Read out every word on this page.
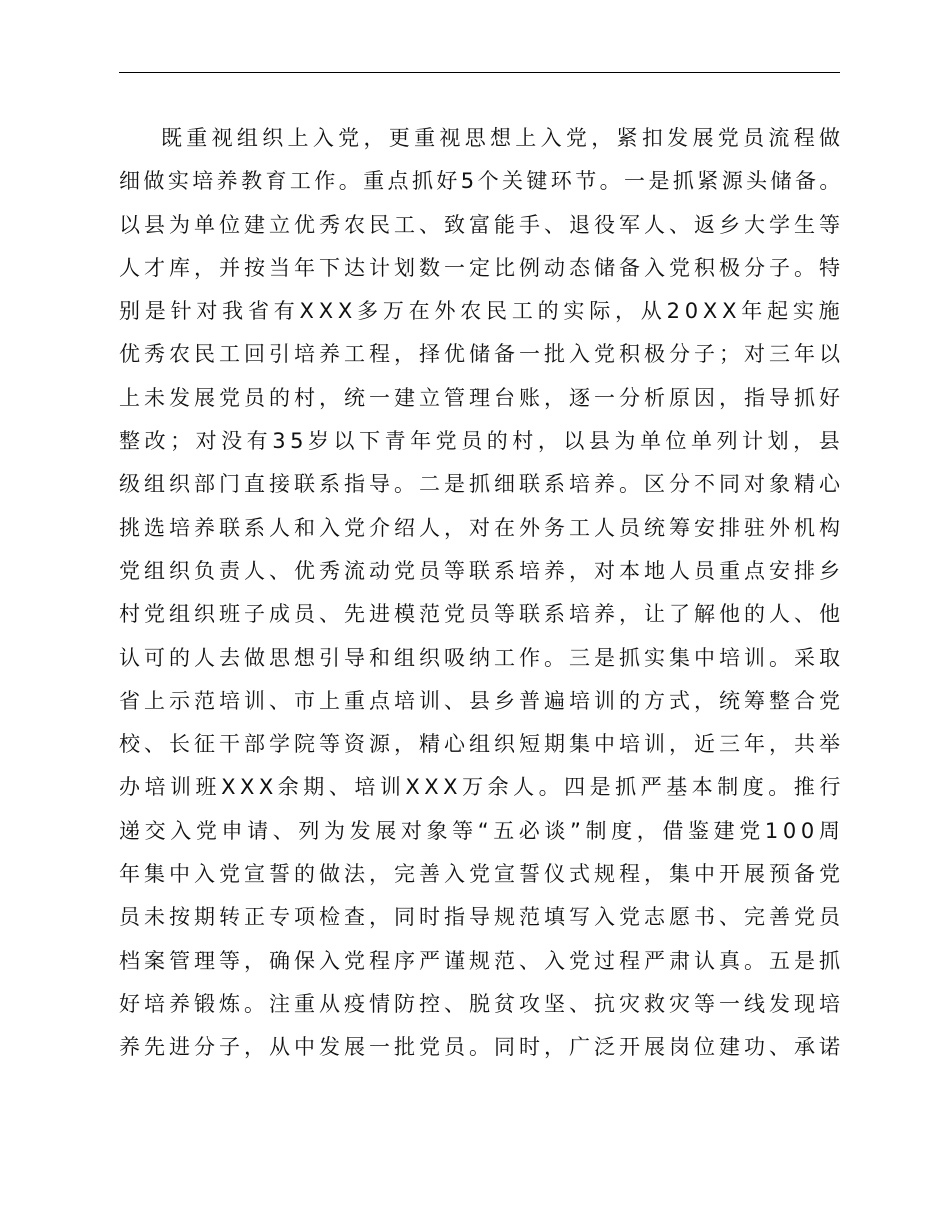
既重视组织上入党，更重视思想上入党，紧扣发展党员流程做
细做实培养教育工作。重点抓好5个关键环节。一是抓紧源头储备。
以县为单位建立优秀农民工、致富能手、退役军人、返乡大学生等
人才库，并按当年下达计划数一定比例动态储备入党积极分子。特
别是针对我省有XXX多万在外农民工的实际，从20XX年起实施
优秀农民工回引培养工程，择优储备一批入党积极分子；对三年以
上未发展党员的村，统一建立管理台账，逐一分析原因，指导抓好
整改；对没有35岁以下青年党员的村，以县为单位单列计划，县
级组织部门直接联系指导。二是抓细联系培养。区分不同对象精心
挑选培养联系人和入党介绍人，对在外务工人员统筹安排驻外机构
党组织负责人、优秀流动党员等联系培养，对本地人员重点安排乡
村党组织班子成员、先进模范党员等联系培养，让了解他的人、他
认可的人去做思想引导和组织吸纳工作。三是抓实集中培训。采取
省上示范培训、市上重点培训、县乡普遍培训的方式，统筹整合党
校、长征干部学院等资源，精心组织短期集中培训，近三年，共举
办培训班XXX余期、培训XXX万余人。四是抓严基本制度。推行
递交入党申请、列为发展对象等“五必谈”制度，借鉴建党100周
年集中入党宣誓的做法，完善入党宣誓仪式规程，集中开展预备党
员未按期转正专项检查，同时指导规范填写入党志愿书、完善党员
档案管理等，确保入党程序严谨规范、入党过程严肃认真。五是抓
好培养锻炼。注重从疫情防控、脱贫攻坚、抗灾救灾等一线发现培
养先进分子，从中发展一批党员。同时，广泛开展岗位建功、承诺
